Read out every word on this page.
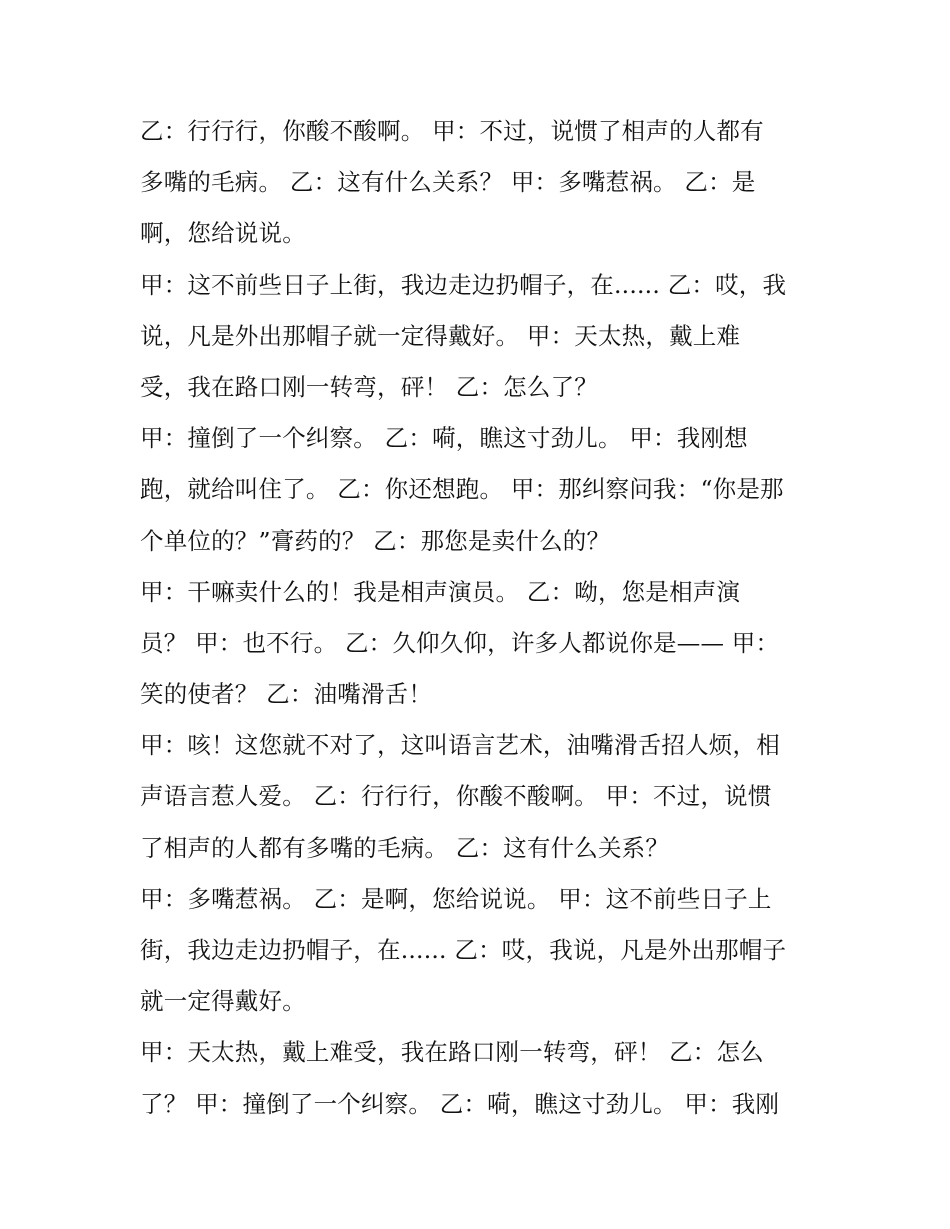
乙：行行行，你酸不酸啊。 甲：不过，说惯了相声的人都有
多嘴的毛病。 乙：这有什么关系？ 甲：多嘴惹祸。 乙：是
啊，您给说说。
甲：这不前些日子上街，我边走边扔帽子，在...... 乙：哎，我
说，凡是外出那帽子就一定得戴好。 甲：天太热，戴上难
受，我在路口刚一转弯，砰！ 乙：怎么了？
甲：撞倒了一个纠察。 乙：嗬，瞧这寸劲儿。 甲：我刚想
跑，就给叫住了。 乙：你还想跑。 甲：那纠察问我：“你是那
个单位的？”膏药的？ 乙：那您是卖什么的？
甲：干嘛卖什么的！我是相声演员。 乙：呦，您是相声演
员？ 甲：也不行。 乙：久仰久仰，许多人都说你是—— 甲：
笑的使者？ 乙：油嘴滑舌！
甲：咳！这您就不对了，这叫语言艺术，油嘴滑舌招人烦，相
声语言惹人爱。 乙：行行行，你酸不酸啊。 甲：不过，说惯
了相声的人都有多嘴的毛病。 乙：这有什么关系？
甲：多嘴惹祸。 乙：是啊，您给说说。 甲：这不前些日子上
街，我边走边扔帽子，在...... 乙：哎，我说，凡是外出那帽子
就一定得戴好。
甲：天太热，戴上难受，我在路口刚一转弯，砰！ 乙：怎么
了？ 甲：撞倒了一个纠察。 乙：嗬，瞧这寸劲儿。 甲：我刚
